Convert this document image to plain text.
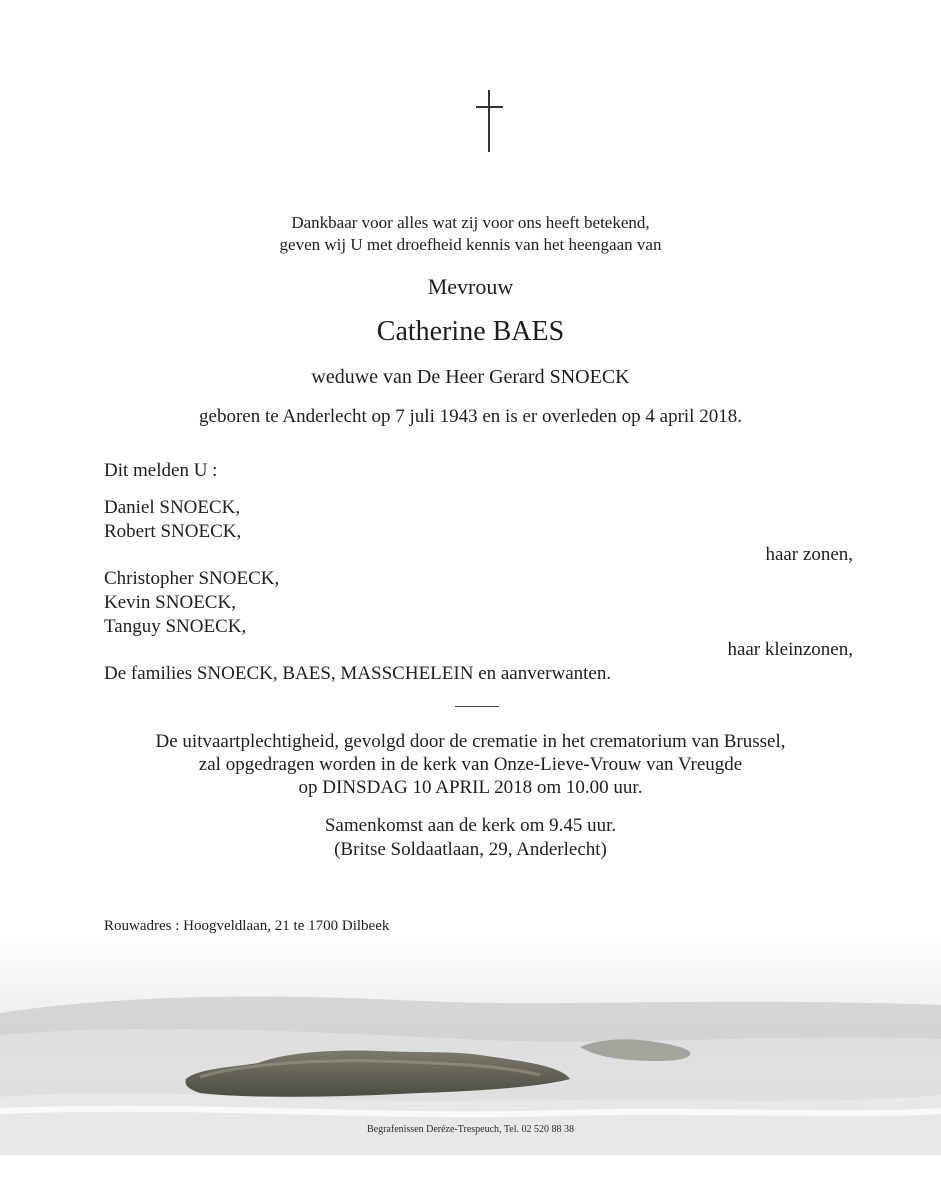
Dankbaar voor alles wat zij voor ons heeft betekend,
geven wij U met droefheid kennis van het heengaan van
Mevrouw
Catherine BAES
weduwe van De Heer Gerard SNOECK
geboren te Anderlecht op 7 juli 1943 en is er overleden op 4 april 2018.
Dit melden U :
Daniel SNOECK,
Robert SNOECK,
haar zonen,
Christopher SNOECK,
Kevin SNOECK,
Tanguy SNOECK,
haar kleinzonen,
De families SNOECK, BAES, MASSCHELEIN en aanverwanten.
De uitvaartplechtigheid, gevolgd door de crematie in het crematorium van Brussel,
zal opgedragen worden in de kerk van Onze-Lieve-Vrouw van Vreugde
op DINSDAG 10 APRIL 2018 om 10.00 uur.
Samenkomst aan de kerk om 9.45 uur.
(Britse Soldaatlaan, 29, Anderlecht)
Rouwadres : Hoogveldlaan, 21 te 1700 Dilbeek
Begrafenissen Deréze-Trespeuch, Tel. 02 520 88 38
